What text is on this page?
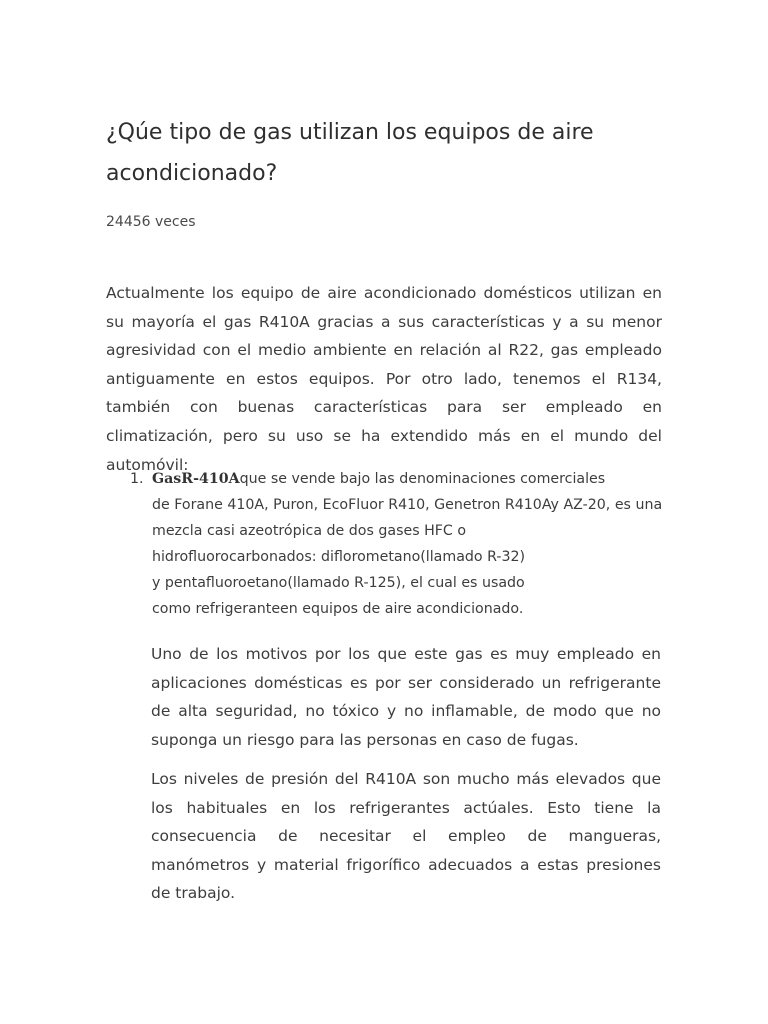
¿Qúe tipo de gas utilizan los equipos de aire acondicionado?

24456 veces

Actualmente los equipo de aire acondicionado domésticos utilizan en su mayoría el gas R410A gracias a sus características y a su menor agresividad con el medio ambiente en relación al R22, gas empleado antiguamente en estos equipos. Por otro lado, tenemos el R134, también con buenas características para ser empleado en climatización, pero su uso se ha extendido más en el mundo del automóvil:

1. GasR-410Aque se vende bajo las denominaciones comerciales
de Forane 410A, Puron, EcoFluor R410, Genetron R410Ay AZ-20, es una
mezcla casi azeotrópica de dos gases HFC o
hidrofluorocarbonados: diflorometano(llamado R-32)
y pentafluoroetano(llamado R-125), el cual es usado
como refrigeranteen equipos de aire acondicionado.

Uno de los motivos por los que este gas es muy empleado en aplicaciones domésticas es por ser considerado un refrigerante de alta seguridad, no tóxico y no inflamable, de modo que no suponga un riesgo para las personas en caso de fugas.

Los niveles de presión del R410A son mucho más elevados que los habituales en los refrigerantes actúales. Esto tiene la consecuencia de necesitar el empleo de mangueras, manómetros y material frigorífico adecuados a estas presiones de trabajo.
